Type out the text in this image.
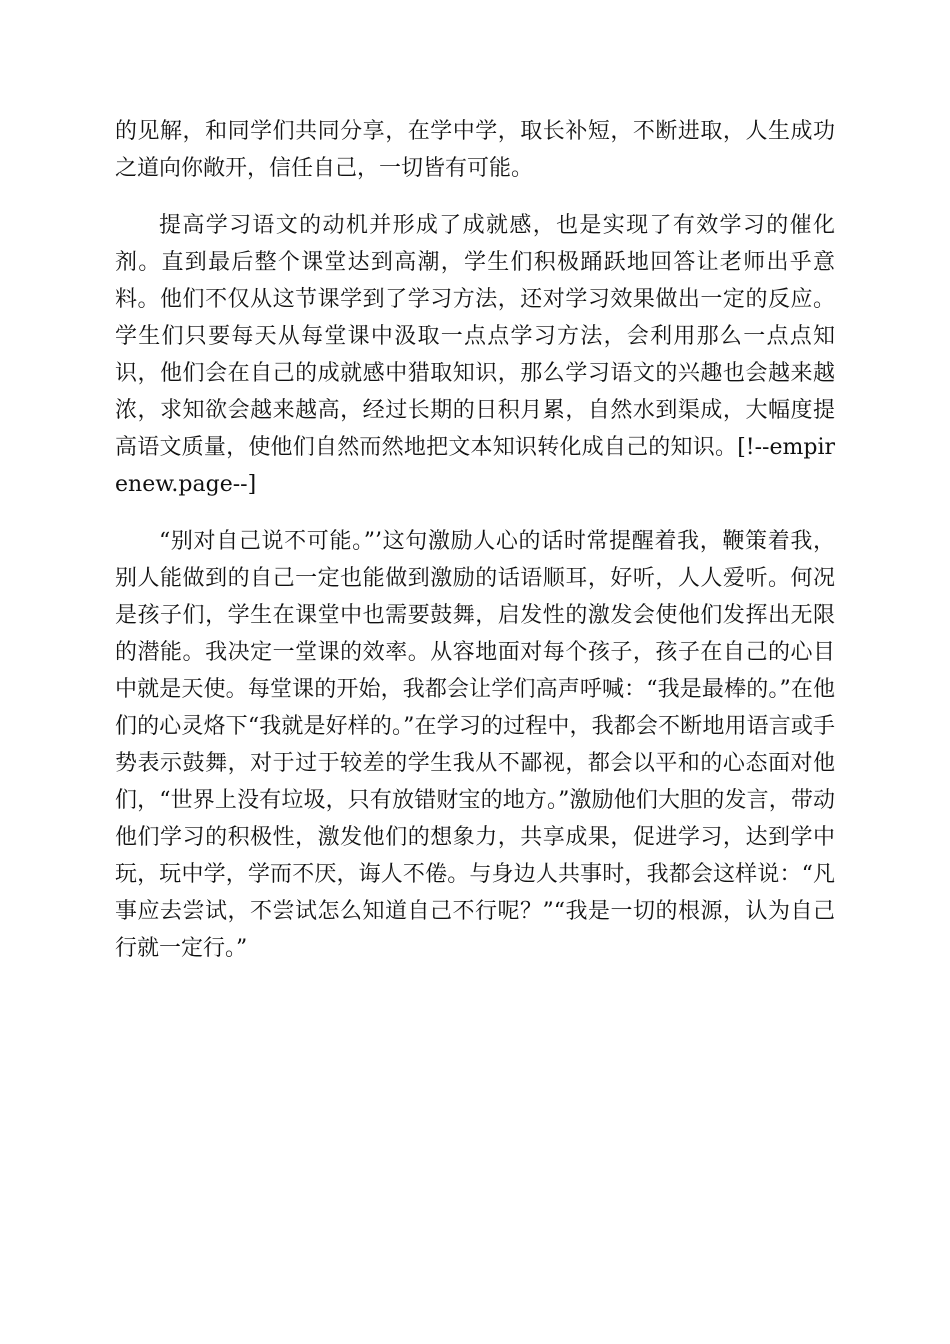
的见解，和同学们共同分享，在学中学，取长补短，不断进取，人生成功之道向你敞开，信任自己，一切皆有可能。

提高学习语文的动机并形成了成就感，也是实现了有效学习的催化剂。直到最后整个课堂达到高潮，学生们积极踊跃地回答让老师出乎意料。他们不仅从这节课学到了学习方法，还对学习效果做出一定的反应。学生们只要每天从每堂课中汲取一点点学习方法，会利用那么一点点知识，他们会在自己的成就感中猎取知识，那么学习语文的兴趣也会越来越浓，求知欲会越来越高，经过长期的日积月累，自然水到渠成，大幅度提高语文质量，使他们自然而然地把文本知识转化成自己的知识。[!--empirenew.page--]

“别对自己说不可能。”’这句激励人心的话时常提醒着我，鞭策着我，别人能做到的自己一定也能做到激励的话语顺耳，好听，人人爱听。何况是孩子们，学生在课堂中也需要鼓舞，启发性的激发会使他们发挥出无限的潜能。我决定一堂课的效率。从容地面对每个孩子，孩子在自己的心目中就是天使。每堂课的开始，我都会让学们高声呼喊：“我是最棒的。”在他们的心灵烙下“我就是好样的。”在学习的过程中，我都会不断地用语言或手势表示鼓舞，对于过于较差的学生我从不鄙视，都会以平和的心态面对他们，“世界上没有垃圾，只有放错财宝的地方。”激励他们大胆的发言，带动他们学习的积极性，激发他们的想象力，共享成果，促进学习，达到学中玩，玩中学，学而不厌，诲人不倦。与身边人共事时，我都会这样说：“凡事应去尝试，不尝试怎么知道自己不行呢？”“我是一切的根源，认为自己行就一定行。”
